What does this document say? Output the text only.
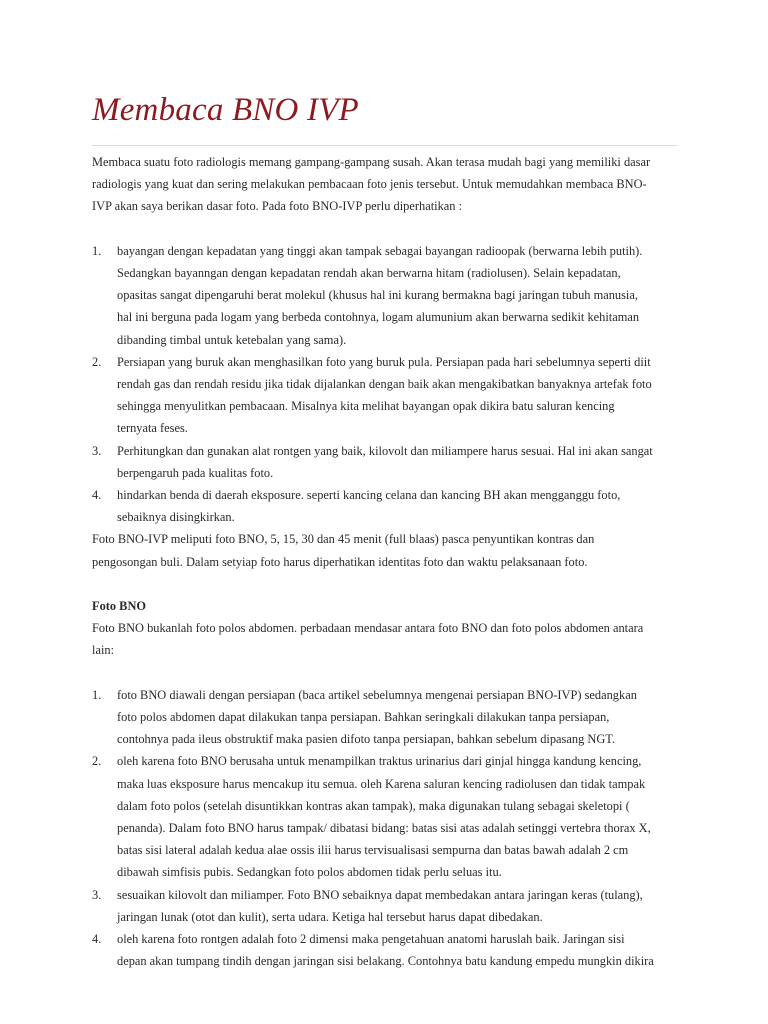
Membaca BNO IVP

Membaca suatu foto radiologis memang gampang-gampang susah. Akan terasa mudah bagi yang memiliki dasar

radiologis yang kuat dan sering melakukan pembacaan foto jenis tersebut. Untuk memudahkan membaca BNO-

IVP akan saya berikan dasar foto. Pada foto BNO-IVP perlu diperhatikan :

1. bayangan dengan kepadatan yang tinggi akan tampak sebagai bayangan radioopak (berwarna lebih putih).
Sedangkan bayanngan dengan kepadatan rendah akan berwarna hitam (radiolusen). Selain kepadatan,
opasitas sangat dipengaruhi berat molekul (khusus hal ini kurang bermakna bagi jaringan tubuh manusia,
hal ini berguna pada logam yang berbeda contohnya, logam alumunium akan berwarna sedikit kehitaman
dibanding timbal untuk ketebalan yang sama).
2. Persiapan yang buruk akan menghasilkan foto yang buruk pula. Persiapan pada hari sebelumnya seperti diit
rendah gas dan rendah residu jika tidak dijalankan dengan baik akan mengakibatkan banyaknya artefak foto
sehingga menyulitkan pembacaan. Misalnya kita melihat bayangan opak dikira batu saluran kencing
ternyata feses.
3. Perhitungkan dan gunakan alat rontgen yang baik, kilovolt dan miliampere harus sesuai. Hal ini akan sangat
berpengaruh pada kualitas foto.
4. hindarkan benda di daerah eksposure. seperti kancing celana dan kancing BH akan mengganggu foto,
sebaiknya disingkirkan.

Foto BNO-IVP meliputi foto BNO, 5, 15, 30 dan 45 menit (full blaas) pasca penyuntikan kontras dan

pengosongan buli. Dalam setyiap foto harus diperhatikan identitas foto dan waktu pelaksanaan foto.

Foto BNO

Foto BNO bukanlah foto polos abdomen. perbadaan mendasar antara foto BNO dan foto polos abdomen antara

lain:

1. foto BNO diawali dengan persiapan (baca artikel sebelumnya mengenai persiapan BNO-IVP) sedangkan
foto polos abdomen dapat dilakukan tanpa persiapan. Bahkan seringkali dilakukan tanpa persiapan,
contohnya pada ileus obstruktif maka pasien difoto tanpa persiapan, bahkan sebelum dipasang NGT.
2. oleh karena foto BNO berusaha untuk menampilkan traktus urinarius dari ginjal hingga kandung kencing,
maka luas eksposure harus mencakup itu semua. oleh Karena saluran kencing radiolusen dan tidak tampak
dalam foto polos (setelah disuntikkan kontras akan tampak), maka digunakan tulang sebagai skeletopi (
penanda). Dalam foto BNO harus tampak/ dibatasi bidang: batas sisi atas adalah setinggi vertebra thorax X,
batas sisi lateral adalah kedua alae ossis ilii harus tervisualisasi sempurna dan batas bawah adalah 2 cm
dibawah simfisis pubis. Sedangkan foto polos abdomen tidak perlu seluas itu.
3. sesuaikan kilovolt dan miliamper. Foto BNO sebaiknya dapat membedakan antara jaringan keras (tulang),
jaringan lunak (otot dan kulit), serta udara. Ketiga hal tersebut harus dapat dibedakan.
4. oleh karena foto rontgen adalah foto 2 dimensi maka pengetahuan anatomi haruslah baik. Jaringan sisi
depan akan tumpang tindih dengan jaringan sisi belakang. Contohnya batu kandung empedu mungkin dikira
